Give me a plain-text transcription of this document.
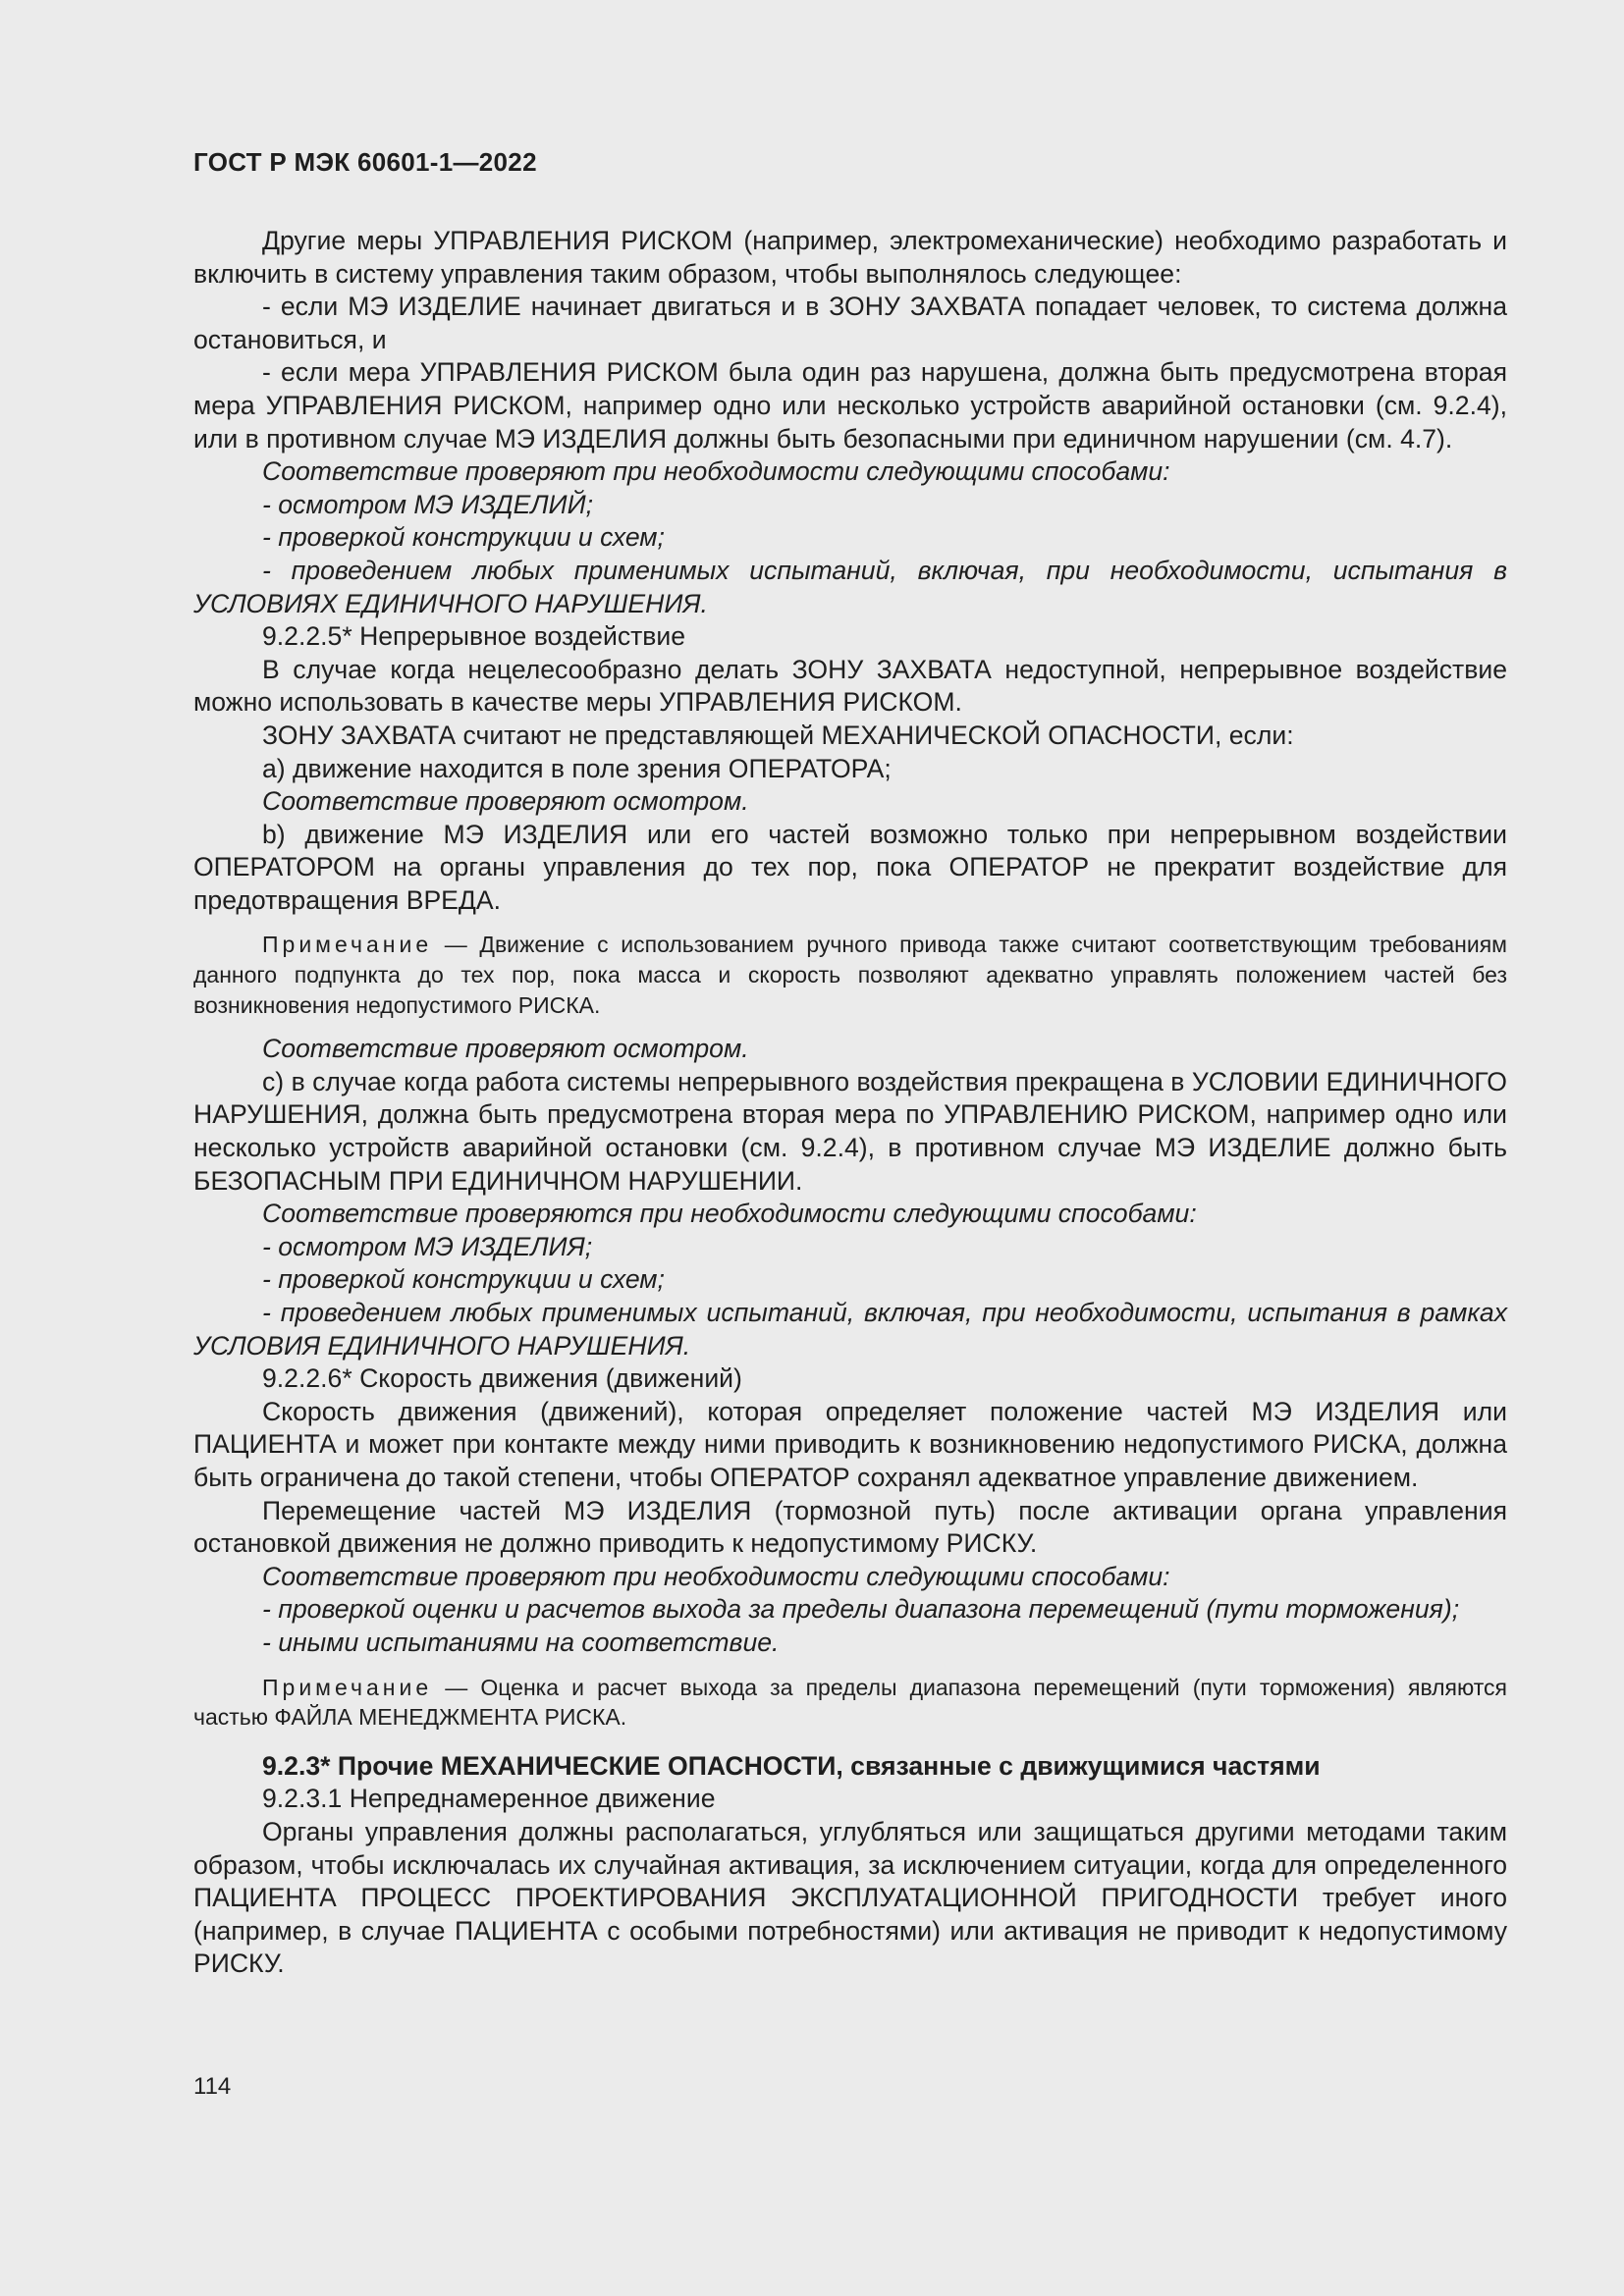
ГОСТ Р МЭК 60601-1—2022

Другие меры УПРАВЛЕНИЯ РИСКОМ (например, электромеханические) необходимо разработать и включить в систему управления таким образом, чтобы выполнялось следующее:

- если МЭ ИЗДЕЛИЕ начинает двигаться и в ЗОНУ ЗАХВАТА попадает человек, то система должна остановиться, и

- если мера УПРАВЛЕНИЯ РИСКОМ была один раз нарушена, должна быть предусмотрена вторая мера УПРАВЛЕНИЯ РИСКОМ, например одно или несколько устройств аварийной остановки (см. 9.2.4), или в противном случае МЭ ИЗДЕЛИЯ должны быть безопасными при единичном нарушении (см. 4.7).

Соответствие проверяют при необходимости следующими способами:

- осмотром МЭ ИЗДЕЛИЙ;

- проверкой конструкции и схем;

- проведением любых применимых испытаний, включая, при необходимости, испытания в УСЛОВИЯХ ЕДИНИЧНОГО НАРУШЕНИЯ.

9.2.2.5* Непрерывное воздействие

В случае когда нецелесообразно делать ЗОНУ ЗАХВАТА недоступной, непрерывное воздействие можно использовать в качестве меры УПРАВЛЕНИЯ РИСКОМ.

ЗОНУ ЗАХВАТА считают не представляющей МЕХАНИЧЕСКОЙ ОПАСНОСТИ, если:

a) движение находится в поле зрения ОПЕРАТОРА;

Соответствие проверяют осмотром.

b) движение МЭ ИЗДЕЛИЯ или его частей возможно только при непрерывном воздействии ОПЕРАТОРОМ на органы управления до тех пор, пока ОПЕРАТОР не прекратит воздействие для предотвращения ВРЕДА.

Примечание — Движение с использованием ручного привода также считают соответствующим требованиям данного подпункта до тех пор, пока масса и скорость позволяют адекватно управлять положением частей без возникновения недопустимого РИСКА.

Соответствие проверяют осмотром.

c) в случае когда работа системы непрерывного воздействия прекращена в УСЛОВИИ ЕДИНИЧНОГО НАРУШЕНИЯ, должна быть предусмотрена вторая мера по УПРАВЛЕНИЮ РИСКОМ, например одно или несколько устройств аварийной остановки (см. 9.2.4), в противном случае МЭ ИЗДЕЛИЕ должно быть БЕЗОПАСНЫМ ПРИ ЕДИНИЧНОМ НАРУШЕНИИ.

Соответствие проверяются при необходимости следующими способами:

- осмотром МЭ ИЗДЕЛИЯ;

- проверкой конструкции и схем;

- проведением любых применимых испытаний, включая, при необходимости, испытания в рамках УСЛОВИЯ ЕДИНИЧНОГО НАРУШЕНИЯ.

9.2.2.6* Скорость движения (движений)

Скорость движения (движений), которая определяет положение частей МЭ ИЗДЕЛИЯ или ПАЦИЕНТА и может при контакте между ними приводить к возникновению недопустимого РИСКА, должна быть ограничена до такой степени, чтобы ОПЕРАТОР сохранял адекватное управление движением.

Перемещение частей МЭ ИЗДЕЛИЯ (тормозной путь) после активации органа управления остановкой движения не должно приводить к недопустимому РИСКУ.

Соответствие проверяют при необходимости следующими способами:

- проверкой оценки и расчетов выхода за пределы диапазона перемещений (пути торможения);

- иными испытаниями на соответствие.

Примечание — Оценка и расчет выхода за пределы диапазона перемещений (пути торможения) являются частью ФАЙЛА МЕНЕДЖМЕНТА РИСКА.

9.2.3* Прочие МЕХАНИЧЕСКИЕ ОПАСНОСТИ, связанные с движущимися частями

9.2.3.1 Непреднамеренное движение

Органы управления должны располагаться, углубляться или защищаться другими методами таким образом, чтобы исключалась их случайная активация, за исключением ситуации, когда для определенного ПАЦИЕНТА ПРОЦЕСС ПРОЕКТИРОВАНИЯ ЭКСПЛУАТАЦИОННОЙ ПРИГОДНОСТИ требует иного (например, в случае ПАЦИЕНТА с особыми потребностями) или активация не приводит к недопустимому РИСКУ.

114
